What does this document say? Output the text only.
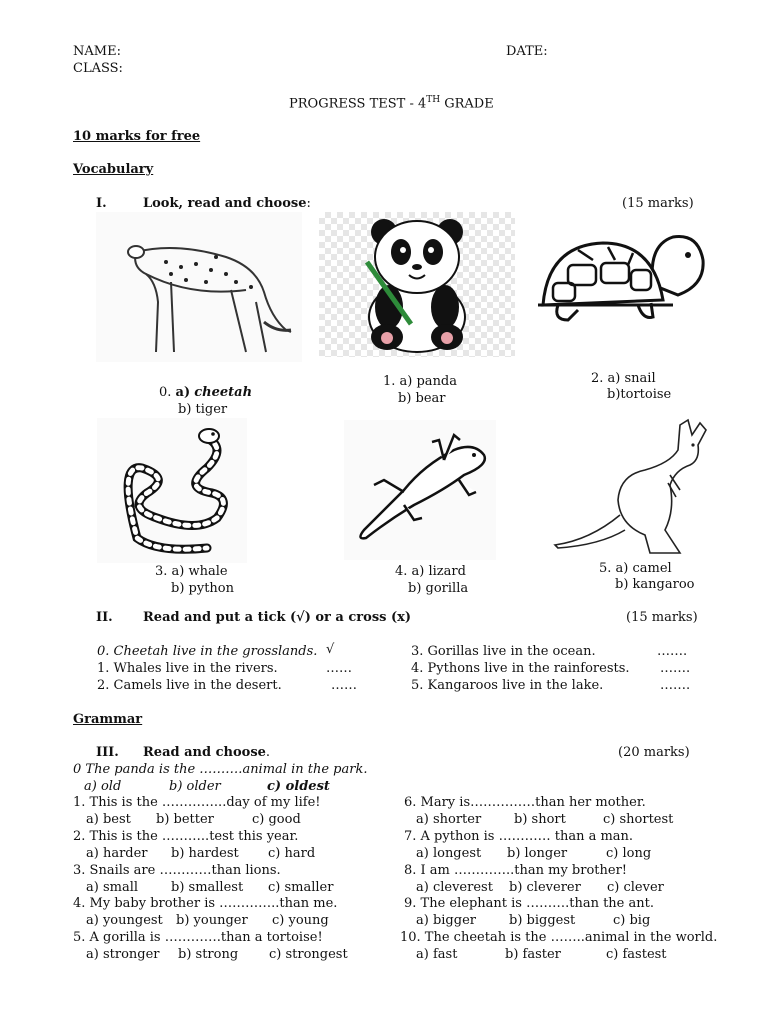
NAME:	DATE:
CLASS:
PROGRESS TEST - 4TH GRADE
10 marks for free
Vocabulary
I.	Look, read and choose:	(15 marks)
0. a) cheetah
b) tiger
1. a) panda
b) bear
2. a) snail
b)tortoise
3. a) whale
b) python
4. a) lizard
b) gorilla
5. a) camel
b) kangaroo
II. Read and put a tick (√) or a cross (x)	(15 marks)
0. Cheetah live in the grosslands. √
1. Whales live in the rivers.	……
2. Camels live in the desert.	……
3. Gorillas live in the ocean.	…….
4. Pythons live in the rainforests. …….
5. Kangaroos live in the lake.	…….
Grammar
III. Read and choose.	(20 marks)
0 The panda is the ……….animal in the park.
a) old	b) older	c) oldest
1. This is the …………...day of my life!
a) best b) better	c) good
2. This is the ………..test this year.
a) harder b) hardest c) hard
3. Snails are …………than lions.
a) small	b) smallest c) smaller
4. My baby brother is …………..than me.
a) youngest b) younger c) young
5. A gorilla is ………….than a tortoise!
a) stronger b) strong c) strongest
6. Mary is……………than her mother.
a) shorter	b) short	c) shortest
7. A python is ………… than a man.
a) longest b) longer	c) long
8. I am …………..than my brother!
a) cleverest b) cleverer c) clever
9. The elephant is ……….than the ant.
a) bigger	b) biggest	c) big
10. The cheetah is the ……..animal in the world.
a) fast	b) faster	c) fastest
